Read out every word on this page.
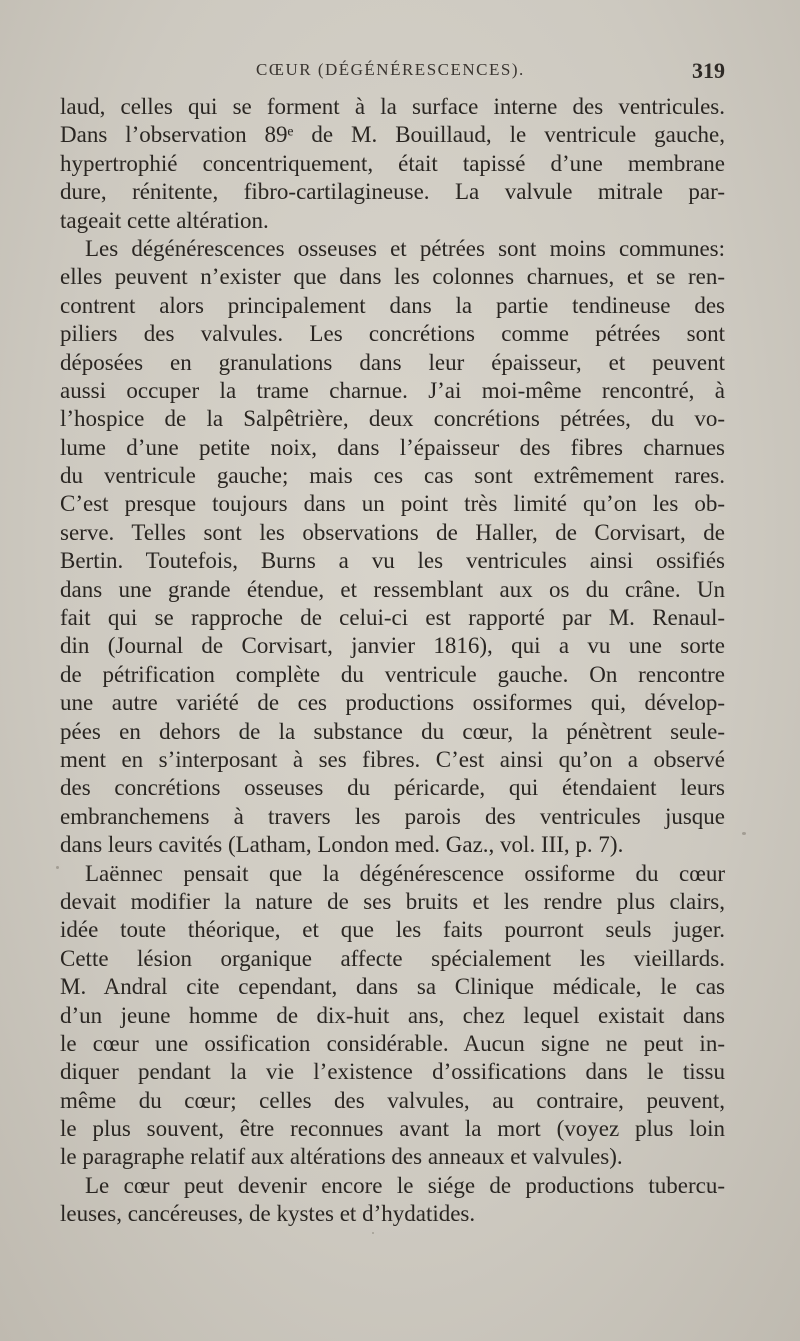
CŒUR (DÉGÉNÉRESCENCES).	319
laud, celles qui se forment à la surface interne des ventricules.
Dans l’observation 89ᵉ de M. Bouillaud, le ventricule gauche,
hypertrophié concentriquement, était tapissé d’une membrane
dure, rénitente, fibro-cartilagineuse. La valvule mitrale par-
tageait cette altération.
Les dégénérescences osseuses et pétrées sont moins communes:
elles peuvent n’exister que dans les colonnes charnues, et se ren-
contrent alors principalement dans la partie tendineuse des
piliers des valvules. Les concrétions comme pétrées sont
déposées en granulations dans leur épaisseur, et peuvent
aussi occuper la trame charnue. J’ai moi-même rencontré, à
l’hospice de la Salpêtrière, deux concrétions pétrées, du vo-
lume d’une petite noix, dans l’épaisseur des fibres charnues
du ventricule gauche; mais ces cas sont extrêmement rares.
C’est presque toujours dans un point très limité qu’on les ob-
serve. Telles sont les observations de Haller, de Corvisart, de
Bertin. Toutefois, Burns a vu les ventricules ainsi ossifiés
dans une grande étendue, et ressemblant aux os du crâne. Un
fait qui se rapproche de celui-ci est rapporté par M. Renaul-
din (Journal de Corvisart, janvier 1816), qui a vu une sorte
de pétrification complète du ventricule gauche. On rencontre
une autre variété de ces productions ossiformes qui, dévelop-
pées en dehors de la substance du cœur, la pénètrent seule-
ment en s’interposant à ses fibres. C’est ainsi qu’on a observé
des concrétions osseuses du péricarde, qui étendaient leurs
embranchemens à travers les parois des ventricules jusque
dans leurs cavités (Latham, London med. Gaz., vol. III, p. 7).
Laënnec pensait que la dégénérescence ossiforme du cœur
devait modifier la nature de ses bruits et les rendre plus clairs,
idée toute théorique, et que les faits pourront seuls juger.
Cette lésion organique affecte spécialement les vieillards.
M. Andral cite cependant, dans sa Clinique médicale, le cas
d’un jeune homme de dix-huit ans, chez lequel existait dans
le cœur une ossification considérable. Aucun signe ne peut in-
diquer pendant la vie l’existence d’ossifications dans le tissu
même du cœur; celles des valvules, au contraire, peuvent,
le plus souvent, être reconnues avant la mort (voyez plus loin
le paragraphe relatif aux altérations des anneaux et valvules).
Le cœur peut devenir encore le siége de productions tubercu-
leuses, cancéreuses, de kystes et d’hydatides.
